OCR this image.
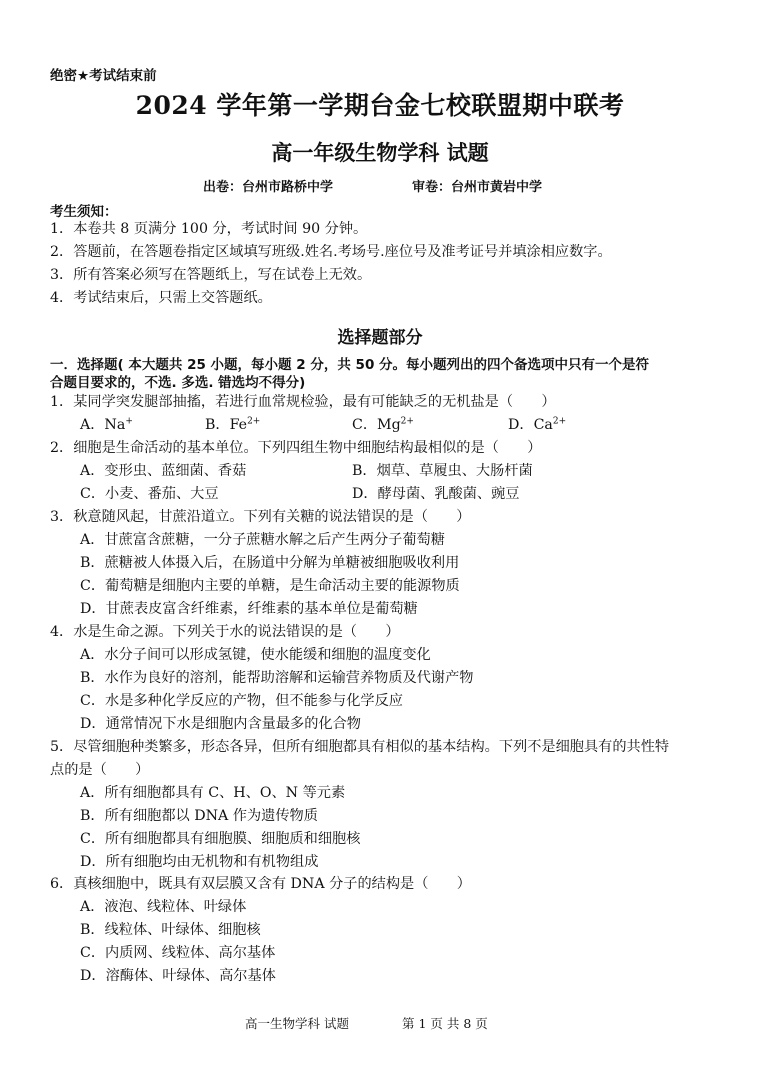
绝密★考试结束前
2024 学年第一学期台金七校联盟期中联考
高一年级生物学科 试题
出卷：台州市路桥中学	审卷：台州市黄岩中学
考生须知：
1．本卷共 8 页满分 100 分，考试时间 90 分钟。
2．答题前，在答题卷指定区域填写班级.姓名.考场号.座位号及准考证号并填涂相应数字。
3．所有答案必须写在答题纸上，写在试卷上无效。
4．考试结束后，只需上交答题纸。
选择题部分
一．选择题( 本大题共 25 小题，每小题 2 分，共 50 分。每小题列出的四个备选项中只有一个是符
合题目要求的，不选. 多选. 错选均不得分)
1．某同学突发腿部抽搐，若进行血常规检验，最有可能缺乏的无机盐是（　　）
A．Na+	B．$Fe^{2+}$	C．$Mg^{2+}$	D．$Ca^{2+}$
2．细胞是生命活动的基本单位。下列四组生物中细胞结构最相似的是（　　）
A．变形虫、蓝细菌、香菇	B．烟草、草履虫、大肠杆菌
C．小麦、番茄、大豆	D．酵母菌、乳酸菌、豌豆
3．秋意随风起，甘蔗沿道立。下列有关糖的说法错误的是（　　）
A．甘蔗富含蔗糖，一分子蔗糖水解之后产生两分子葡萄糖
B．蔗糖被人体摄入后，在肠道中分解为单糖被细胞吸收利用
C．葡萄糖是细胞内主要的单糖，是生命活动主要的能源物质
D．甘蔗表皮富含纤维素，纤维素的基本单位是葡萄糖
4．水是生命之源。下列关于水的说法错误的是（　　）
A．水分子间可以形成氢键，使水能缓和细胞的温度变化
B．水作为良好的溶剂，能帮助溶解和运输营养物质及代谢产物
C．水是多种化学反应的产物，但不能参与化学反应
D．通常情况下水是细胞内含量最多的化合物
5．尽管细胞种类繁多，形态各异，但所有细胞都具有相似的基本结构。下列不是细胞具有的共性特
点的是（　　）
A．所有细胞都具有 C、H、O、N 等元素
B．所有细胞都以 DNA 作为遗传物质
C．所有细胞都具有细胞膜、细胞质和细胞核
D．所有细胞均由无机物和有机物组成
6．真核细胞中，既具有双层膜又含有 DNA 分子的结构是（　　）
A．液泡、线粒体、叶绿体
B．线粒体、叶绿体、细胞核
C．内质网、线粒体、高尔基体
D．溶酶体、叶绿体、高尔基体
高一生物学科 试题	第 1 页 共 8 页
